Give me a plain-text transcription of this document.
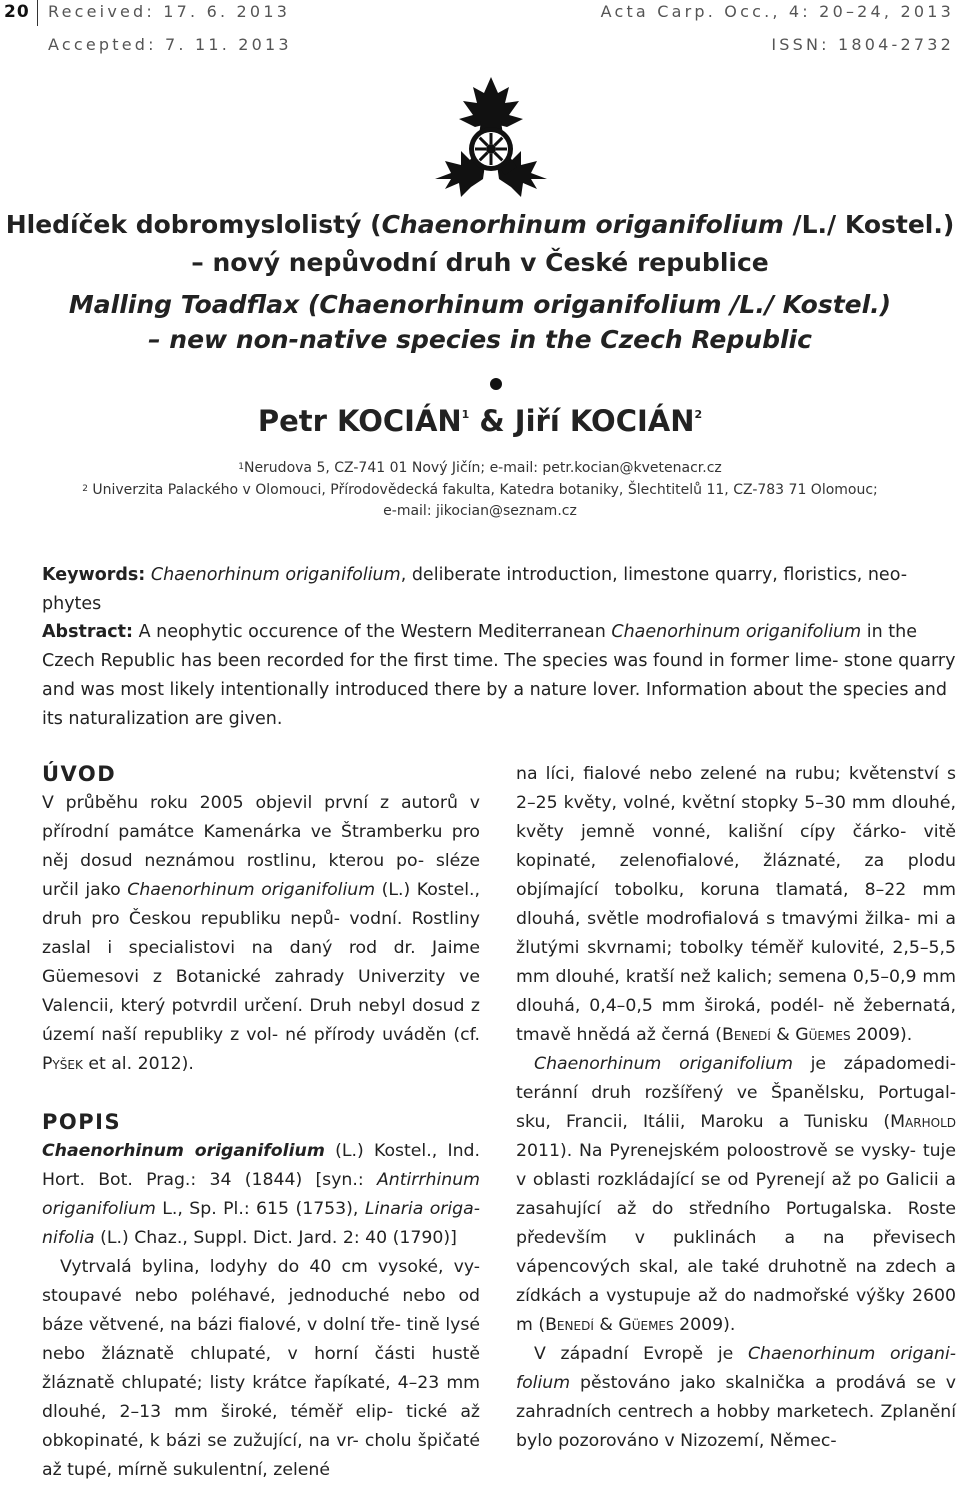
20 Received: 17. 6. 2013	Acta Carp. Occ., 4: 20–24, 2013
Accepted: 7. 11. 2013	ISSN: 1804-2732
Hledíček dobromyslolistý (Chaenorhinum origanifolium /L./ Kostel.)
– nový nepůvodní druh v České republice
Malling Toadflax (Chaenorhinum origanifolium /L./ Kostel.)
– new non-native species in the Czech Republic
Petr KOCIÁN$^1$ & Jiří KOCIÁN$^2$
$^1$Nerudova 5, CZ-741 01 Nový Jičín; e-mail: petr.kocian@kvetenacr.cz
$^2$ Univerzita Palackého v Olomouci, Přírodovědecká fakulta, Katedra botaniky, Šlechtitelů 11, CZ-783 71 Olomouc;
e-mail: jikocian@seznam.cz
Keywords: Chaenorhinum origanifolium, deliberate introduction, limestone quarry, floristics, neo- phytes
Abstract: A neophytic occurence of the Western Mediterranean Chaenorhinum origanifolium in the Czech Republic has been recorded for the first time. The species was found in former lime- stone quarry and was most likely intentionally introduced there by a nature lover. Information about the species and its naturalization are given.
ÚVOD

V průběhu roku 2005 objevil první z autorů v přírodní památce Kamenárka ve Štramberku pro něj dosud neznámou rostlinu, kterou po- sléze určil jako Chaenorhinum origanifolium (L.) Kostel., druh pro Českou republiku nepů- vodní. Rostliny zaslal i specialistovi na daný rod dr. Jaime Güemesovi z Botanické zahrady Univerzity ve Valencii, který potvrdil určení. Druh nebyl dosud z území naší republiky z vol- né přírody uváděn (cf. Pyšek et al. 2012).

POPIS

Chaenorhinum origanifolium (L.) Kostel., Ind. Hort. Bot. Prag.: 34 (1844) [syn.: Antirrhinum origanifolium L., Sp. Pl.: 615 (1753), Linaria origa- nifolia (L.) Chaz., Suppl. Dict. Jard. 2: 40 (1790)]

Vytrvalá bylina, lodyhy do 40 cm vysoké, vy- stoupavé nebo poléhavé, jednoduché nebo od báze větvené, na bázi fialové, v dolní tře- tině lysé nebo žláznatě chlupaté, v horní části hustě žláznatě chlupaté; listy krátce řapíkaté, 4–23 mm dlouhé, 2–13 mm široké, téměř elip- tické až obkopinaté, k bázi se zužující, na vr- cholu špičaté až tupé, mírně sukulentní, zelené

na líci, fialové nebo zelené na rubu; květenství s 2–25 květy, volné, květní stopky 5–30 mm dlouhé, květy jemně vonné, kališní cípy čárko- vitě kopinaté, zelenofialové, žláznaté, za plodu objímající tobolku, koruna tlamatá, 8–22 mm dlouhá, světle modrofialová s tmavými žilka- mi a žlutými skvrnami; tobolky téměř kulovité, 2,5–5,5 mm dlouhé, kratší než kalich; semena 0,5–0,9 mm dlouhá, 0,4–0,5 mm široká, podél- ně žebernatá, tmavě hnědá až černá (Benedí & Güemes 2009).

Chaenorhinum origanifolium je západomedi- teránní druh rozšířený ve Španělsku, Portugal- sku, Francii, Itálii, Maroku a Tunisku (Marhold 2011). Na Pyrenejském poloostrově se vysky- tuje v oblasti rozkládající se od Pyrenejí až po Galicii a zasahující až do středního Portugalska. Roste především v puklinách a na převisech vápencových skal, ale také druhotně na zdech a zídkách a vystupuje až do nadmořské výšky 2600 m (Benedí & Güemes 2009).

V západní Evropě je Chaenorhinum origani- folium pěstováno jako skalnička a prodává se v zahradních centrech a hobby marketech. Zplanění bylo pozorováno v Nizozemí, Němec-
